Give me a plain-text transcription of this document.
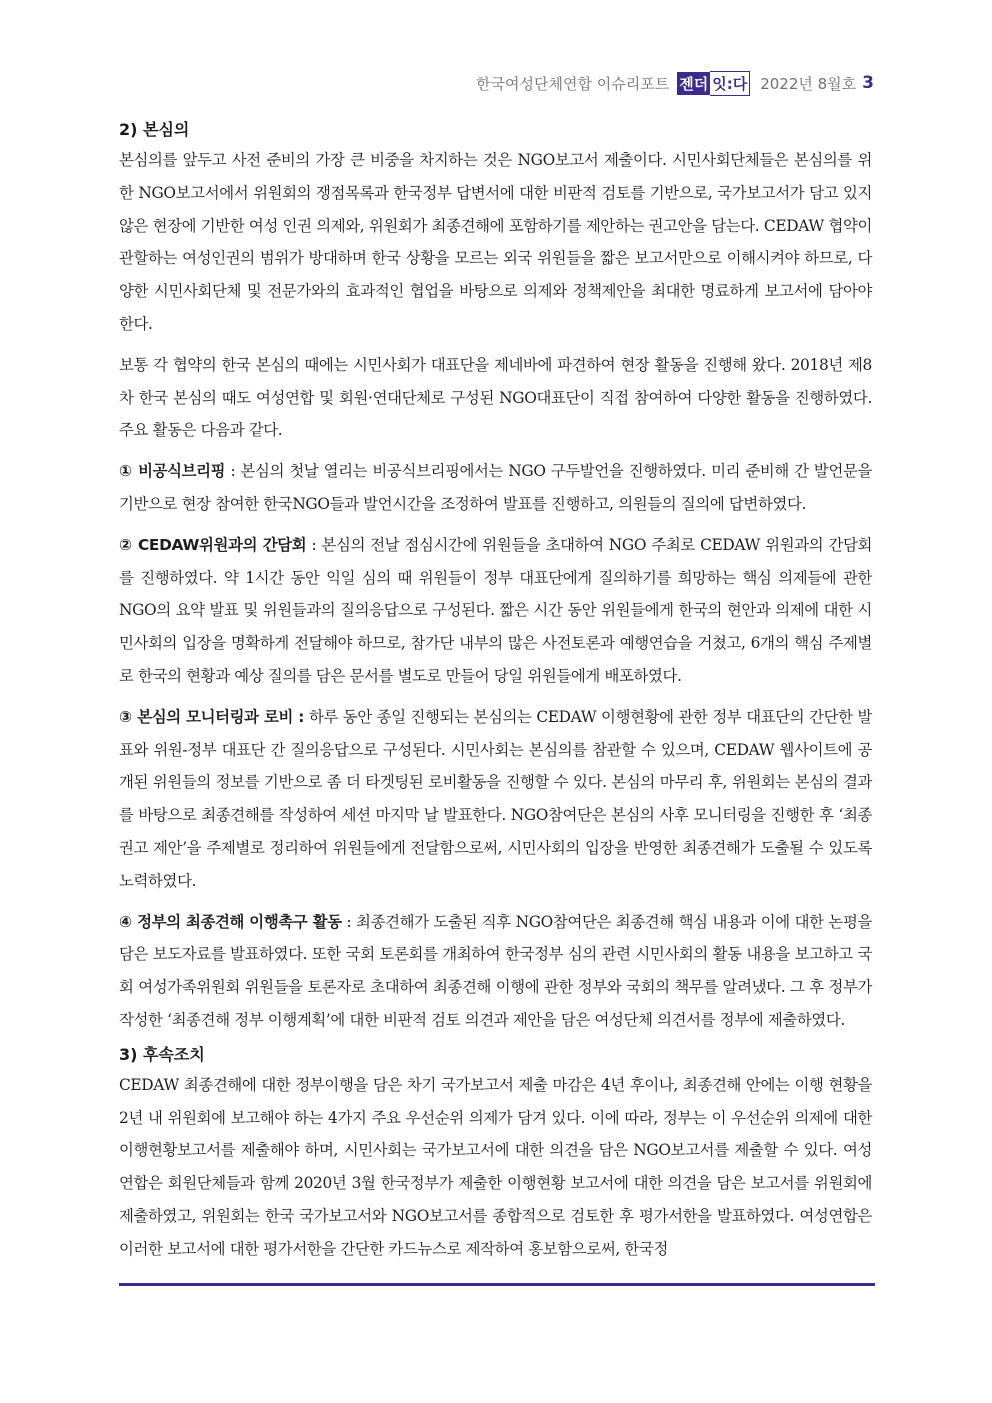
한국여성단체연합 이슈리포트 젠더 잇:다 2022년 8월호 3
2) 본심의

본심의를 앞두고 사전 준비의 가장 큰 비중을 차지하는 것은 NGO보고서 제출이다. 시민사회단체들은 본심의를 위한 NGO보고서에서 위원회의 쟁점목록과 한국정부 답변서에 대한 비판적 검토를 기반으로, 국가보고서가 담고 있지 않은 현장에 기반한 여성 인권 의제와, 위원회가 최종견해에 포함하기를 제안하는 권고안을 담는다. CEDAW 협약이 관할하는 여성인권의 범위가 방대하며 한국 상황을 모르는 외국 위원들을 짧은 보고서만으로 이해시켜야 하므로, 다양한 시민사회단체 및 전문가와의 효과적인 협업을 바탕으로 의제와 정책제안을 최대한 명료하게 보고서에 담아야 한다.

보통 각 협약의 한국 본심의 때에는 시민사회가 대표단을 제네바에 파견하여 현장 활동을 진행해 왔다. 2018년 제8차 한국 본심의 때도 여성연합 및 회원·연대단체로 구성된 NGO대표단이 직접 참여하여 다양한 활동을 진행하였다. 주요 활동은 다음과 같다.

① 비공식브리핑 : 본심의 첫날 열리는 비공식브리핑에서는 NGO 구두발언을 진행하였다. 미리 준비해 간 발언문을 기반으로 현장 참여한 한국NGO들과 발언시간을 조정하여 발표를 진행하고, 의원들의 질의에 답변하였다.

② CEDAW위원과의 간담회 : 본심의 전날 점심시간에 위원들을 초대하여 NGO 주최로 CEDAW 위원과의 간담회를 진행하였다. 약 1시간 동안 익일 심의 때 위원들이 정부 대표단에게 질의하기를 희망하는 핵심 의제들에 관한 NGO의 요약 발표 및 위원들과의 질의응답으로 구성된다. 짧은 시간 동안 위원들에게 한국의 현안과 의제에 대한 시민사회의 입장을 명확하게 전달해야 하므로, 참가단 내부의 많은 사전토론과 예행연습을 거쳤고, 6개의 핵심 주제별로 한국의 현황과 예상 질의를 담은 문서를 별도로 만들어 당일 위원들에게 배포하였다.

③ 본심의 모니터링과 로비 : 하루 동안 종일 진행되는 본심의는 CEDAW 이행현황에 관한 정부 대표단의 간단한 발표와 위원-정부 대표단 간 질의응답으로 구성된다. 시민사회는 본심의를 참관할 수 있으며, CEDAW 웹사이트에 공개된 위원들의 정보를 기반으로 좀 더 타겟팅된 로비활동을 진행할 수 있다. 본심의 마무리 후, 위원회는 본심의 결과를 바탕으로 최종견해를 작성하여 세션 마지막 날 발표한다. NGO참여단은 본심의 사후 모니터링을 진행한 후 ‘최종권고 제안’을 주제별로 정리하여 위원들에게 전달함으로써, 시민사회의 입장을 반영한 최종견해가 도출될 수 있도록 노력하였다.

④ 정부의 최종견해 이행촉구 활동 : 최종견해가 도출된 직후 NGO참여단은 최종견해 핵심 내용과 이에 대한 논평을 담은 보도자료를 발표하였다. 또한 국회 토론회를 개최하여 한국정부 심의 관련 시민사회의 활동 내용을 보고하고 국회 여성가족위원회 위원들을 토론자로 초대하여 최종견해 이행에 관한 정부와 국회의 책무를 알려냈다. 그 후 정부가 작성한 ‘최종견해 정부 이행계획’에 대한 비판적 검토 의견과 제안을 담은 여성단체 의견서를 정부에 제출하였다.

3) 후속조치

CEDAW 최종견해에 대한 정부이행을 담은 차기 국가보고서 제출 마감은 4년 후이나, 최종견해 안에는 이행 현황을 2년 내 위원회에 보고해야 하는 4가지 주요 우선순위 의제가 담겨 있다. 이에 따라, 정부는 이 우선순위 의제에 대한 이행현황보고서를 제출해야 하며, 시민사회는 국가보고서에 대한 의견을 담은 NGO보고서를 제출할 수 있다. 여성연합은 회원단체들과 함께 2020년 3월 한국정부가 제출한 이행현황 보고서에 대한 의견을 담은 보고서를 위원회에 제출하였고, 위원회는 한국 국가보고서와 NGO보고서를 종합적으로 검토한 후 평가서한을 발표하였다. 여성연합은 이러한 보고서에 대한 평가서한을 간단한 카드뉴스로 제작하여 홍보함으로써, 한국정
